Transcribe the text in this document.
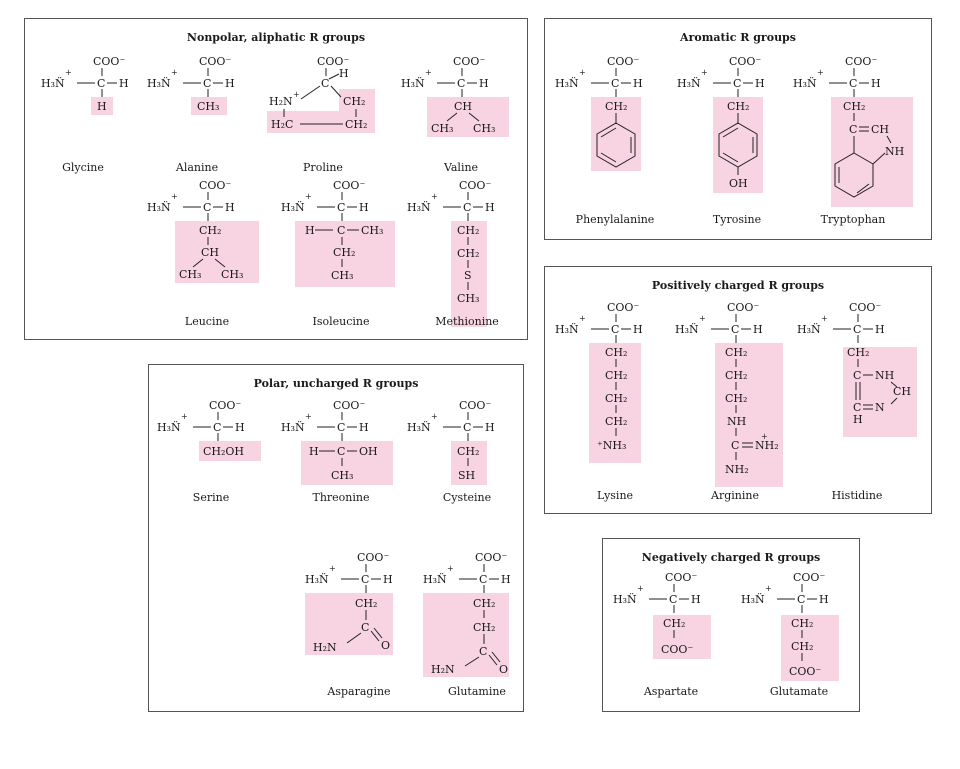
Nonpolar, aliphatic R groups
COO⁻
+
H₃N̈	C H
H
Glycine
COO⁻
+
H₃N̈	C H
CH₃
Alanine
COO⁻
C
H
+
H₂N	CH₂
H₂C	CH₂
Proline
COO⁻
+
H₃N̈	C H
CH
CH₃ CH₃
Valine
COO⁻
+
H₃N̈	C H
CH₂
CH
CH₃ CH₃
Leucine
COO⁻
+
H₃N̈	C H
H C CH₃
CH₂
CH₃
Isoleucine
COO⁻
+
H₃N̈	C H
CH₂
CH₂
S
CH₃
Methionine
Aromatic R groups
COO⁻
+
H₃N̈	C H
CH₂
Phenylalanine
COO⁻
+
H₃N̈	C H
CH₂
OH
Tyrosine
COO⁻
+
H₃N̈	C H
CH₂
C CH
NH
Tryptophan
Positively charged R groups
COO⁻
+
H₃N̈	C H
CH₂
CH₂
CH₂
CH₂
⁺NH₃
Lysine
COO⁻
+
H₃N̈	C H
CH₂
CH₂
CH₂
NH
C
+
NH₂
NH₂
Arginine
COO⁻
+
H₃N̈	C H
CH₂
C NH
CH
C N
H
Histidine
Polar, uncharged R groups
COO⁻
+
H₃N̈	C H
CH₂OH
Serine
COO⁻
+
H₃N̈	C H
H C OH
CH₃
Threonine
COO⁻
+
H₃N̈	C H
CH₂
SH
Cysteine
COO⁻
+
H₃N̈	C H
CH₂
C
O
H₂N
Asparagine
COO⁻
+
H₃N̈	C H
CH₂
CH₂
C
O
H₂N
Glutamine
Negatively charged R groups
COO⁻
+
H₃N̈	C H
CH₂
COO⁻
Aspartate
COO⁻
+
H₃N̈	C H
CH₂
CH₂
COO⁻
Glutamate
